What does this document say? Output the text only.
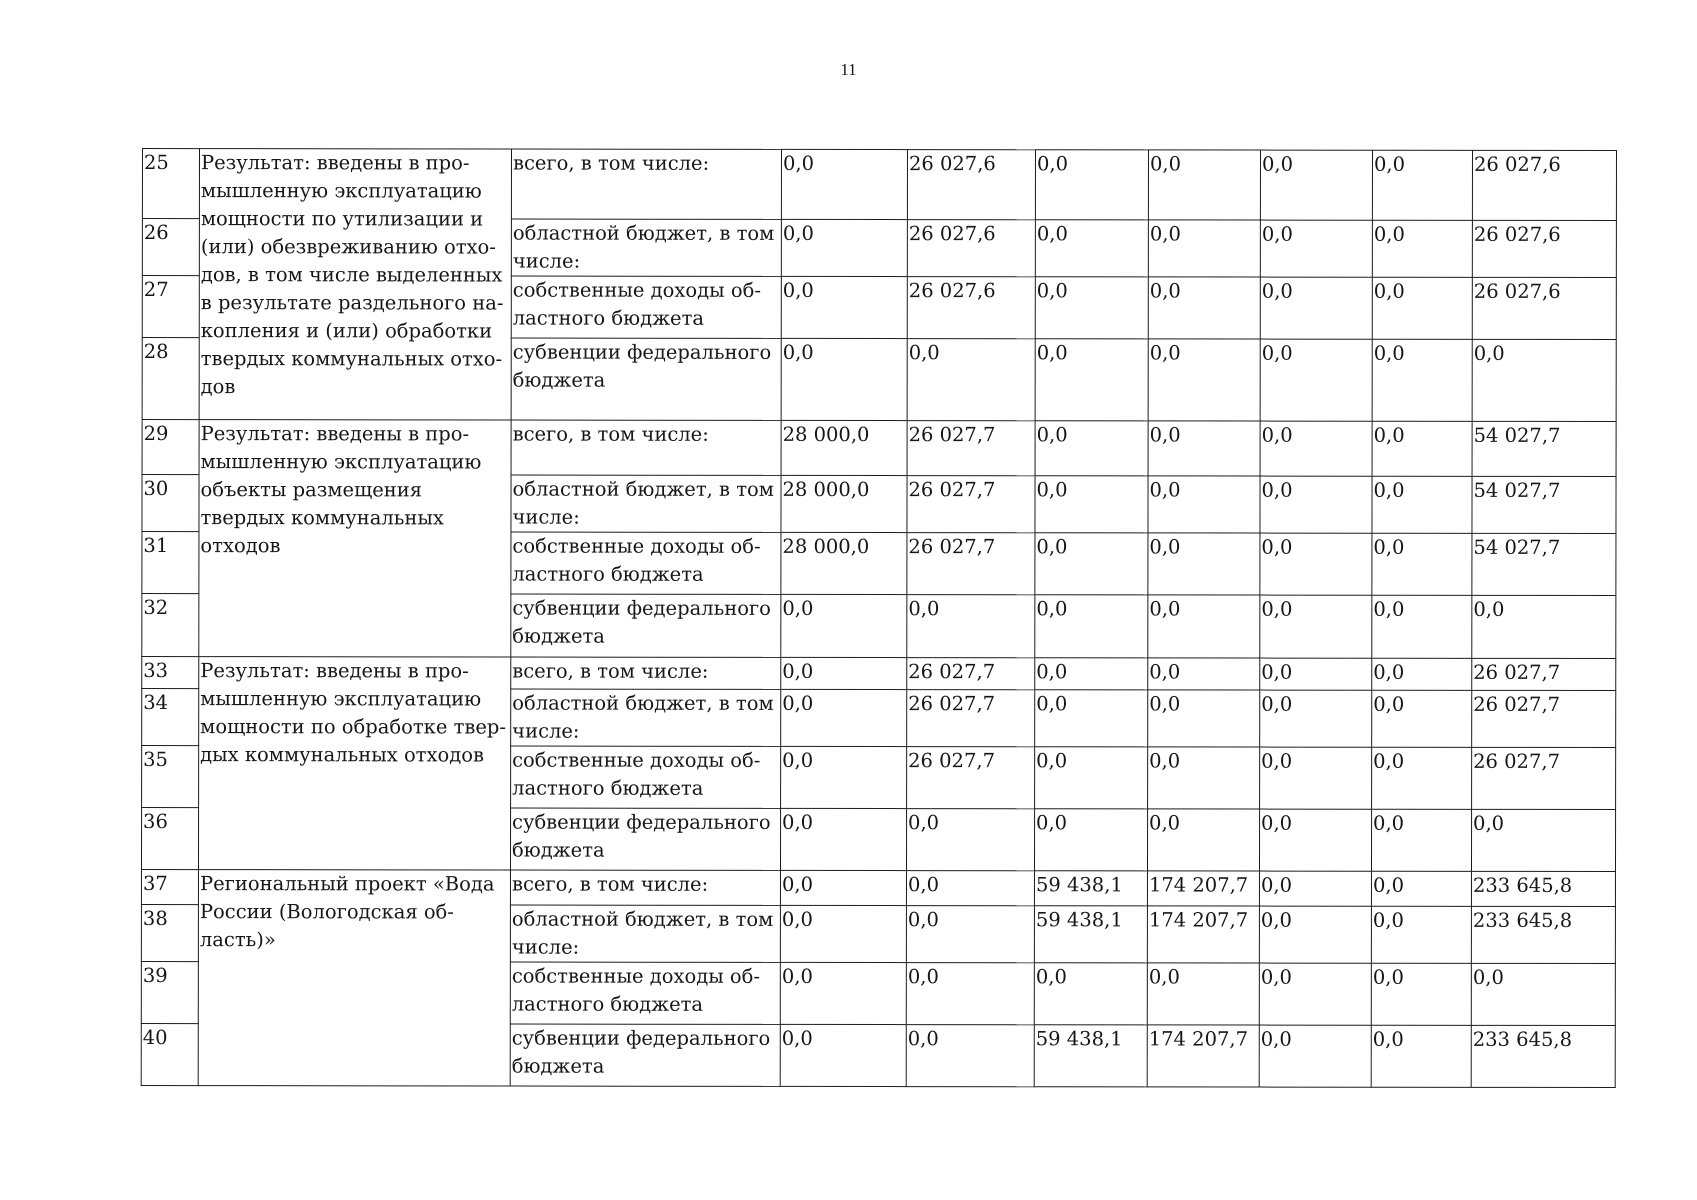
11
25	Результат: введены в про-мышленную эксплуатацию мощности по утилизации и (или) обезвреживанию отхо-дов, в том числе выделенных в результате раздельного на-копления и (или) обработки твердых коммунальных отхо-дов	всего, в том числе:	0,0	26 027,6	0,0	0,0	0,0	0,0	26 027,6
26		областной бюджет, в том числе:	0,0	26 027,6	0,0	0,0	0,0	0,0	26 027,6
27		собственные доходы об-ластного бюджета	0,0	26 027,6	0,0	0,0	0,0	0,0	26 027,6
28		субвенции федерального бюджета	0,0	0,0	0,0	0,0	0,0	0,0	0,0
29	Результат: введены в про-мышленную эксплуатацию объекты размещения твердых коммунальных отходов	всего, в том числе:	28 000,0	26 027,7	0,0	0,0	0,0	0,0	54 027,7
30		областной бюджет, в том числе:	28 000,0	26 027,7	0,0	0,0	0,0	0,0	54 027,7
31		собственные доходы об-ластного бюджета	28 000,0	26 027,7	0,0	0,0	0,0	0,0	54 027,7
32		субвенции федерального бюджета	0,0	0,0	0,0	0,0	0,0	0,0	0,0
33	Результат: введены в про-мышленную эксплуатацию мощности по обработке твер-дых коммунальных отходов	всего, в том числе:	0,0	26 027,7	0,0	0,0	0,0	0,0	26 027,7
34		областной бюджет, в том числе:	0,0	26 027,7	0,0	0,0	0,0	0,0	26 027,7
35		собственные доходы об-ластного бюджета	0,0	26 027,7	0,0	0,0	0,0	0,0	26 027,7
36		субвенции федерального бюджета	0,0	0,0	0,0	0,0	0,0	0,0	0,0
37	Региональный проект «Вода России (Вологодская об-ласть)»	всего, в том числе:	0,0	0,0	59 438,1	174 207,7	0,0	0,0	233 645,8
38		областной бюджет, в том числе:	0,0	0,0	59 438,1	174 207,7	0,0	0,0	233 645,8
39		собственные доходы об-ластного бюджета	0,0	0,0	0,0	0,0	0,0	0,0	0,0
40		субвенции федерального бюджета	0,0	0,0	59 438,1	174 207,7	0,0	0,0	233 645,8
